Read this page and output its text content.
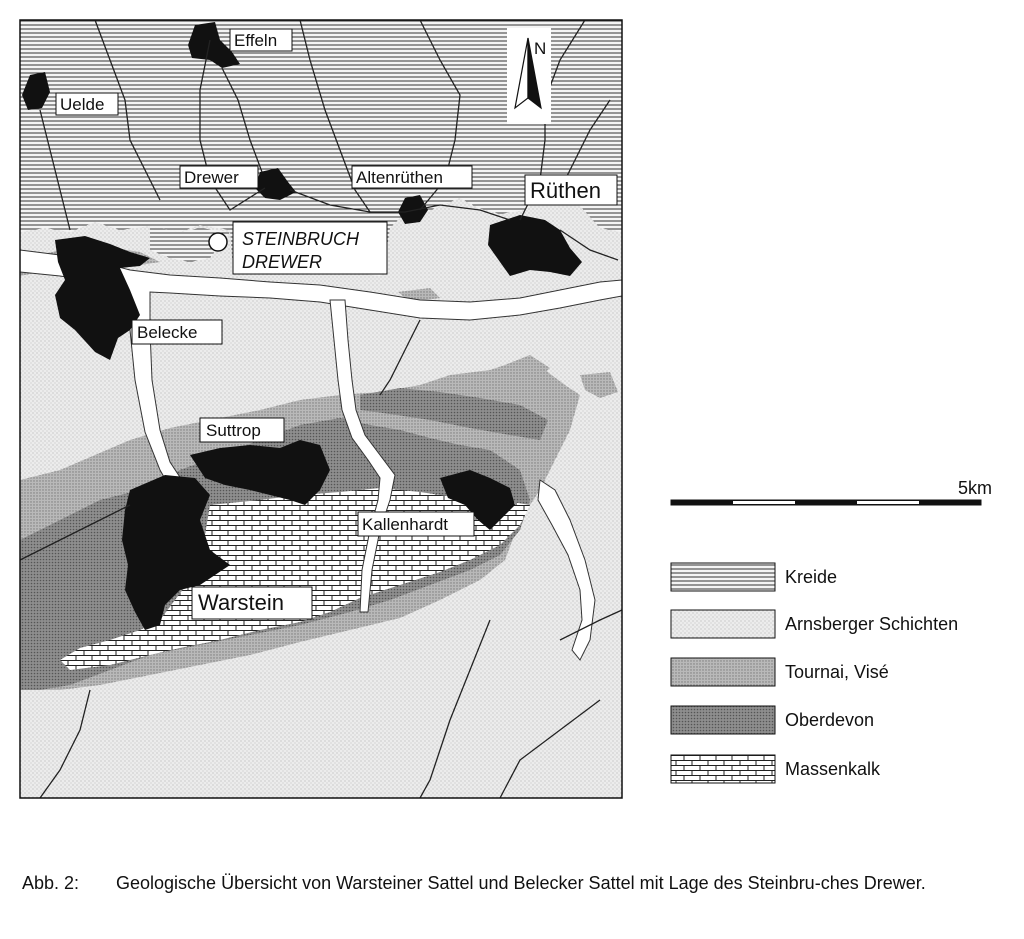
N
Effeln
Uelde
Drewer	Altenrüthen
Rüthen
Belecke
Suttrop
Kallenhardt
Warstein
STEINBRUCH
DREWER
5km
Kreide
Arnsberger Schichten
Tournai, Visé
Oberdevon
Massenkalk
Abb. 2: Geologische Übersicht von Warsteiner Sattel und Belecker Sattel mit Lage des Steinbru-ches Drewer.
